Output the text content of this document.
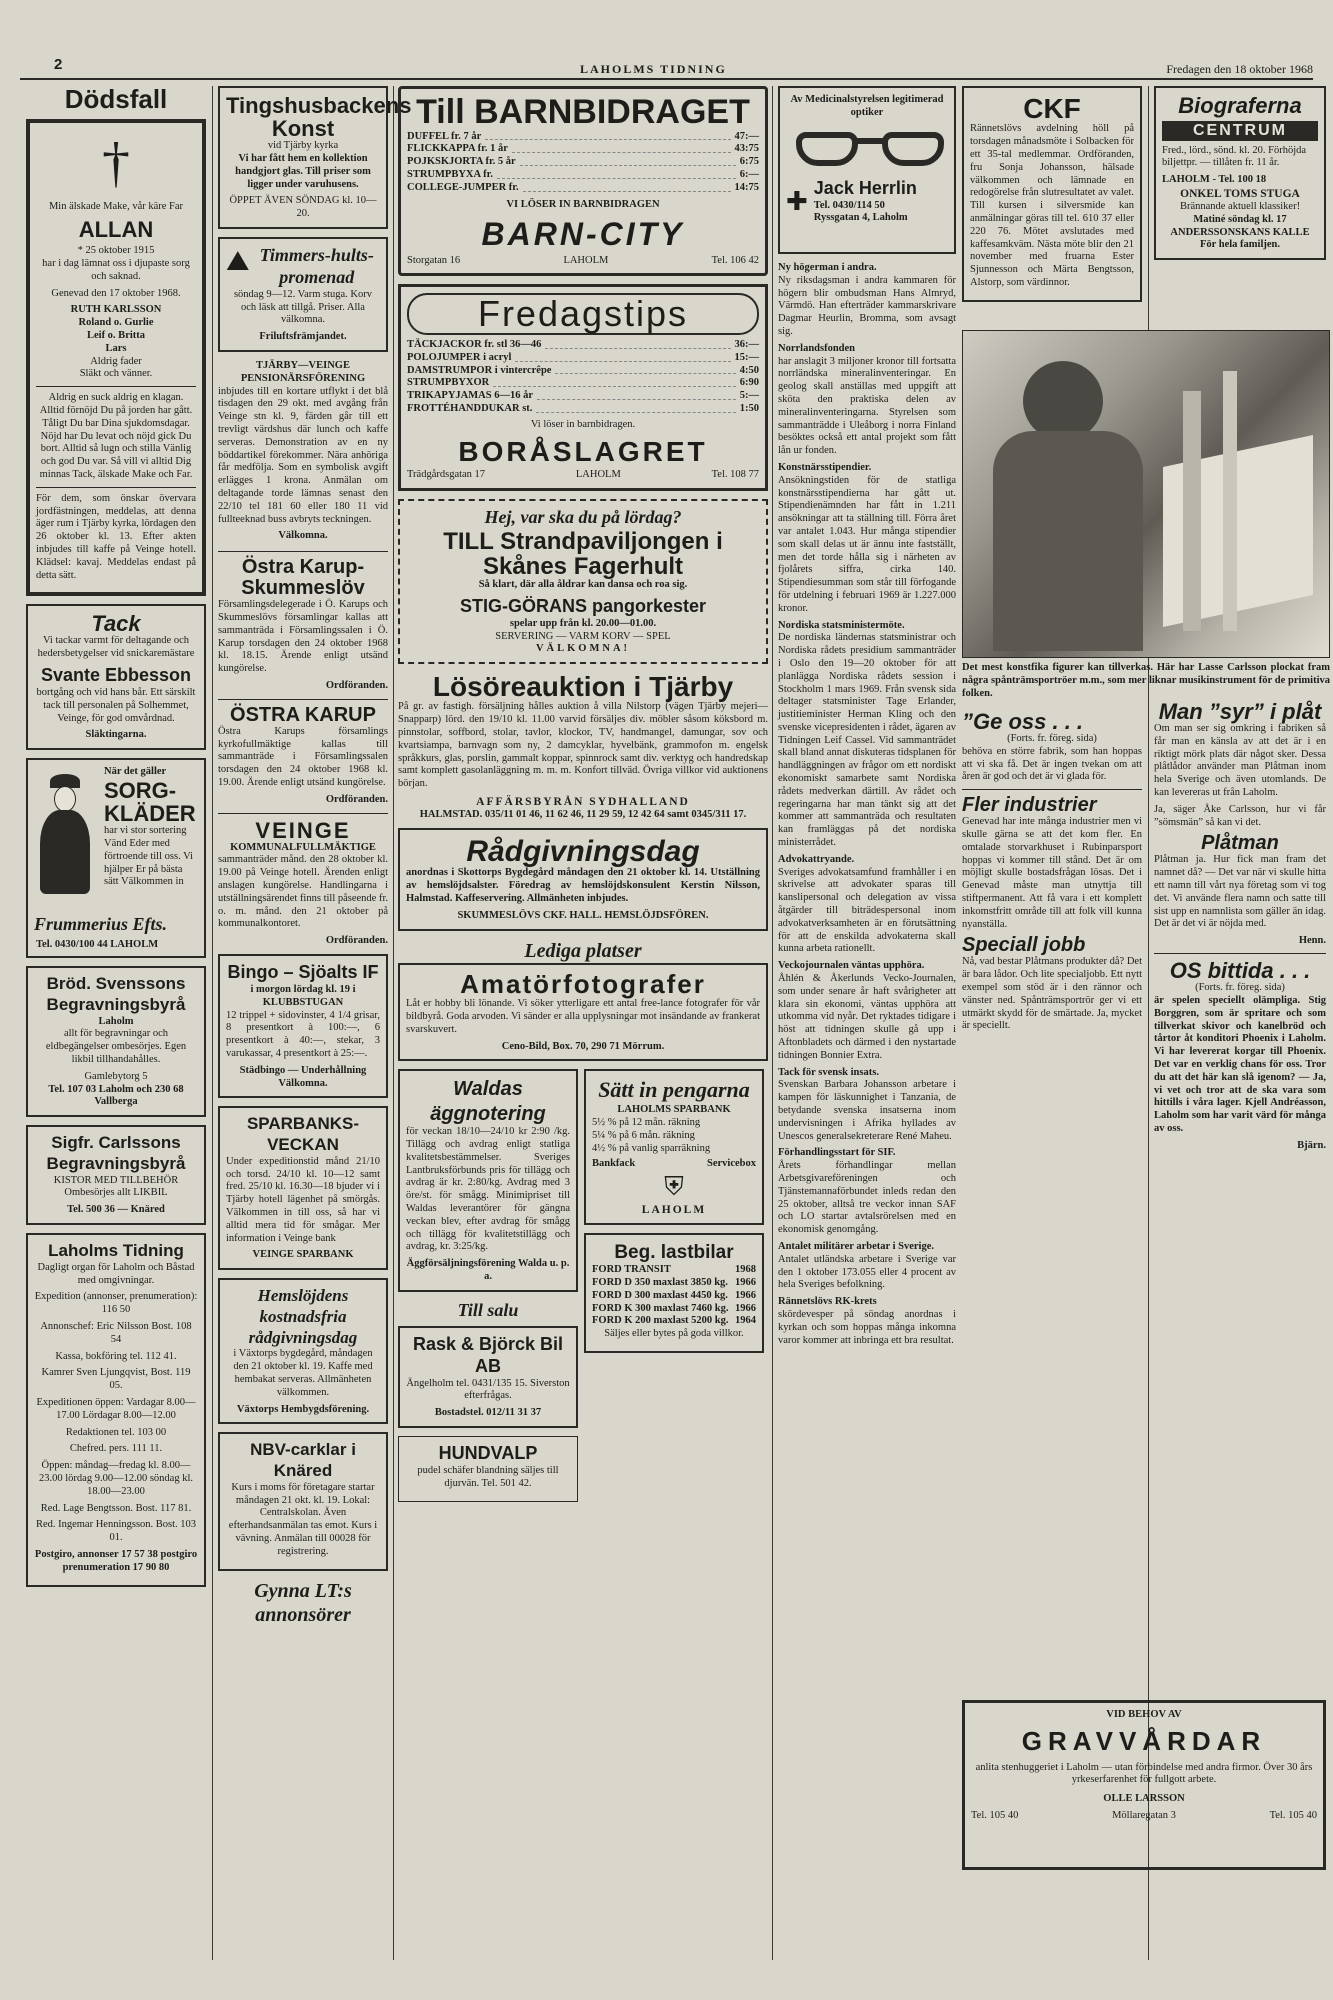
2	LAHOLMS TIDNING	Fredagen den 18 oktober 1968
Dödsfall
†
Min älskade Make, vår käre Far
ALLAN
* 25 oktober 1915

har i dag lämnat oss i djupaste sorg och saknad.

Genevad den 17 oktober 1968.

RUTH KARLSSON
Roland o. Gurlie
Leif o. Britta
Lars
Aldrig fader
Släkt och vänner.

Aldrig en suck aldrig en klagan. Alltid förnöjd Du på jorden har gått. Tåligt Du bar Dina sjukdomsdagar. Nöjd har Du levat och nöjd gick Du bort. Alltid så lugn och stilla Vänlig och god Du var. Så vill vi alltid Dig minnas Tack, älskade Make och Far.

För dem, som önskar övervara jordfästningen, meddelas, att denna äger rum i Tjärby kyrka, lördagen den 26 oktober kl. 13. Efter akten inbjudes till kaffe på Veinge hotell. Klädsel: kavaj. Meddelas endast på detta sätt.

Tack

Vi tackar varmt för deltagande och hedersbetygelser vid snickaremästare

Svante Ebbesson

bortgång och vid hans bår. Ett särskilt tack till personalen på Solhemmet, Veinge, för god omvårdnad.

Släktingarna.
När det gäller
SORG-KLÄDER

har vi stor sortering Vänd Eder med förtroende till oss. Vi hjälper Er på bästa sätt Välkommen in

Frummerius Efts.
Tel. 0430/100 44 LAHOLM
Bröd. Svenssons Begravningsbyrå
Laholm

allt för begravningar och eldbegängelser ombesörjes. Egen likbil tillhandahålles.

Gamlebytorg 5
Tel. 107 03 Laholm och 230 68 Vallberga
Sigfr. Carlssons Begravningsbyrå
KISTOR MED TILLBEHÖR

Ombesörjes allt LIKBIL

Tel. 500 36 — Knäred
Laholms Tidning

Dagligt organ för Laholm och Båstad med omgivningar.

Expedition (annonser, prenumeration): 116 50

Annonschef: Eric Nilsson Bost. 108 54

Kassa, bokföring tel. 112 41.

Kamrer Sven Ljungqvist, Bost. 119 05.

Expeditionen öppen: Vardagar 8.00—17.00 Lördagar 8.00—12.00

Redaktionen tel. 103 00

Chefred. pers. 111 11.

Öppen: måndag—fredag kl. 8.00—23.00 lördag 9.00—12.00 söndag kl. 18.00—23.00

Red. Lage Bengtsson. Bost. 117 81.

Red. Ingemar Henningsson. Bost. 103 01.

Postgiro, annonser 17 57 38 postgiro prenumeration 17 90 80

Tingshusbackens Konst
vid Tjärby kyrka

Vi har fått hem en kollektion handgjort glas. Till priser som ligger under varuhusens.

ÖPPET ÄVEN SÖNDAG kl. 10—20.
⛰ Timmers-hults-promenad

söndag 9—12. Varm stuga. Korv och läsk att tillgå. Priser. Alla välkomna.

Friluftsfrämjandet.
TJÄRBY—VEINGE PENSIONÄRSFÖRENING

inbjudes till en kortare utflykt i det blå tisdagen den 29 okt. med avgång från Veinge stn kl. 9, färden går till ett trevligt värdshus där lunch och kaffe serveras. Demonstration av en ny böddartikel förekommer. Nära anhöriga får medfölja. Som en symbolisk avgift erlägges 1 krona. Anmälan om deltagande torde lämnas senast den 22/10 tel 181 60 eller 180 11 vid fullteeknad buss avbryts teckningen.

Välkomna.
Östra Karup-Skummeslöv

Församlingsdelegerade i Ö. Karups och Skummeslövs församlingar kallas att sammanträda i Församlingssalen i Ö. Karup torsdagen den 24 oktober 1968 kl. 18.15. Ärende enligt utsänd kungörelse.

Ordföranden.
ÖSTRA KARUP

Östra Karups församlings kyrkofullmäktige kallas till sammanträde i Församlingssalen torsdagen den 24 oktober 1968 kl. 19.00. Ärende enligt utsänd kungörelse.

Ordföranden.
VEINGE
KOMMUNALFULLMÄKTIGE

sammanträder månd. den 28 oktober kl. 19.00 på Veinge hotell. Ärenden enligt anslagen kungörelse. Handlingarna i utställningsärendet finns till påseende fr. o. m. månd. den 21 oktober på kommunalkontoret.

Ordföranden.
Bingo – Sjöalts IF
i morgon lördag kl. 19 i KLUBBSTUGAN

12 trippel + sidovinster, 4 1/4 grisar, 8 presentkort à 100:—, 6 presentkort à 40:—, stekar, 3 varukassar, 4 presentkort à 25:—.

Städbingo — Underhållning Välkomna.
SPARBANKS-VECKAN

Under expeditionstid månd 21/10 och torsd. 24/10 kl. 10—12 samt fred. 25/10 kl. 16.30—18 bjuder vi i Tjärby hotell lägenhet på smörgås. Välkommen in till oss, så har vi alltid mera tid för smågar. Mer information i Veinge bank

VEINGE SPARBANK
Hemslöjdens kostnadsfria rådgivningsdag

i Växtorps bygdegård, måndagen den 21 oktober kl. 19. Kaffe med hembakat serveras. Allmänheten välkommen.

Växtorps Hembygdsförening.
NBV-carklar i Knäred

Kurs i moms för företagare startar måndagen 21 okt. kl. 19. Lokal: Centralskolan. Även efterhandsanmälan tas emot. Kurs i vävning. Anmälan till 00028 för registrering.

Gynna LT:s annonsörer
Till BARNBIDRAGET
DUFFEL fr. 7 år	47:—
FLICKKAPPA fr. 1 år	43:75
POJKSKJORTA fr. 5 år	6:75
STRUMPBYXA fr.	6:—
COLLEGE-JUMPER fr.	14:75
VI LÖSER IN BARNBIDRAGEN
BARN-CITY
Storgatan 16	LAHOLM	Tel. 106 42
Fredagstips
TÄCKJACKOR fr. stl 36—46	36:—
POLOJUMPER i acryl	15:—
DAMSTRUMPOR i vintercrêpe	4:50
STRUMPBYXOR	6:90
TRIKAPYJAMAS 6—16 år	5:—
FROTTÉHANDDUKAR st.	1:50
Vi löser in barnbidragen.
BORÅSLAGRET
Trädgårdsgatan 17	LAHOLM	Tel. 108 77
Hej, var ska du på lördag?
TILL Strandpaviljongen i Skånes Fagerhult
Så klart, där alla åldrar kan dansa och roa sig.
STIG-GÖRANS pangorkester
spelar upp från kl. 20.00—01.00.
SERVERING — VARM KORV — SPEL
VÄLKOMNA!
Lösöreauktion i Tjärby

På gr. av fastigh. försäljning hålles auktion å villa Nilstorp (vägen Tjärby mejeri—Snapparp) lörd. den 19/10 kl. 11.00 varvid försäljes div. möbler såsom köksbord m. pinnstolar, soffbord, stolar, tavlor, klockor, TV, handmangel, damungar, sov och kvartsiampa, barnvagn som ny, 2 damcyklar, hyvelbänk, grammofon m. engelsk språkkurs, glas, porslin, gammalt koppar, spinnrock samt div. verktyg och handredskap samt komplett gasolanläggning m. m. m. Konfort tillväd. Övriga villkor vid auktionens början.

AFFÄRSBYRÅN SYDHALLAND
HALMSTAD. 035/11 01 46, 11 62 46, 11 29 59, 12 42 64 samt 0345/311 17.
Rådgivningsdag

anordnas i Skottorps Bygdegård måndagen den 21 oktober kl. 14. Utställning av hemslöjdsalster. Föredrag av hemslöjdskonsulent Kerstin Nilsson, Halmstad. Kaffeservering. Allmänheten inbjudes.

SKUMMESLÖVS CKF. HALL. HEMSLÖJDSFÖREN.
Lediga platser
Amatörfotografer

Låt er hobby bli lönande. Vi söker ytterligare ett antal free-lance fotografer för vår bildbyrå. Goda arvoden. Vi sänder er alla upplysningar mot insändande av frankerat svarskuvert.

Ceno-Bild, Box. 70, 290 71 Mörrum.
Waldas äggnotering

för veckan 18/10—24/10 kr 2:90 /kg. Tillägg och avdrag enligt statliga kvalitetsbestämmelser. Sveriges Lantbruksförbunds pris för tillägg och avdrag är kr. 2:80/kg. Avdrag med 3 öre/st. för smågg. Minimipriset till Waldas leverantörer för gängna veckan blev, efter avdrag för smågg och tillägg för kvalitetstillägg och avdrag, kr. 3:25/kg.

Äggförsäljningsförening Walda u. p. a.
Till salu
Rask & Björck Bil AB

Ängelholm tel. 0431/135 15. Siverston efterfrågas.

Bostadstel. 012/11 31 37
HUNDVALP

pudel schäfer blandning säljes till djurvän. Tel. 501 42.

Sätt in pengarna
LAHOLMS SPARBANK
5½ % på 12 mån. räkning
5¼ % på 6 mån. räkning
4½ % på vanlig sparräkning
Bankfack	Servicebox
⛨
LAHOLM
Beg. lastbilar
FORD TRANSIT	1968
FORD D 350 maxlast 3850 kg. 1966
FORD D 300 maxlast 4450 kg. 1966
FORD K 300 maxlast 7460 kg. 1966
FORD K 200 maxlast 5200 kg. 1964

Säljes eller bytes på goda villkor.

Av Medicinalstyrelsen legitimerad optiker
✚ Jack Herrlin
Tel. 0430/114 50
Ryssgatan 4, Laholm
Ny högerman i andra.

Ny riksdagsman i andra kammaren för högern blir ombudsman Hans Almryd, Värmdö. Han efterträder kammarskrivare Dagmar Heurlin, Bromma, som avsagt sig.

Norrlandsfonden

har anslagit 3 miljoner kronor till fortsatta norrländska mineralinventeringar. En geolog skall anställas med uppgift att sköta den praktiska delen av mineralinventeringarna. Styrelsen som sammanträdde i Uleåborg i norra Finland besöktes också ett antal projekt som fått lån ur fonden.

Konstnärsstipendier.

Ansökningstiden för de statliga konstnärsstipendierna har gått ut. Stipendienämnden har fått in 1.211 ansökningar att ta ställning till. Förra året var antalet 1.043. Hur många stipendier som skall delas ut är ännu inte fastställt, men det torde hålla sig i närheten av fjolårets siffra, cirka 140. Stipendiesumman som står till förfogande för utdelning i februari 1969 är 1.227.000 kronor.

Nordiska statsministermöte.

De nordiska ländernas statsministrar och Nordiska rådets presidium sammanträder i Oslo den 19—20 oktober för att planlägga Nordiska rådets session i Stockholm 1 mars 1969. Från svensk sida deltager statsminister Tage Erlander, justitieminister Herman Kling och den svenske vicepresidenten i rådet, ägaren av Tidningen Leif Cassel. Vid sammanträdet skall bland annat diskuteras tidsplanen för handläggningen av frågor om ett nordiskt ekonomiskt samarbete samt Nordiska rådets medverkan därtill. Av rådet och regeringarna har man tänkt sig att det kommer att sammanträda och resultaten kan framläggas på det nordiska ministerrådet.

Advokattryande.

Sveriges advokatsamfund framhåller i en skrivelse att advokater sparas till kanslipersonal och delegation av vissa åtgärder till biträdespersonal inom advokatverksamheten är en förutsättning för att de enskilda advokaterna skall kunna arbeta rationellt.

Veckojournalen väntas upphöra.

Åhlén & Åkerlunds Vecko-Journalen, som under senare år haft svårigheter att klara sin ekonomi, väntas upphöra att utkomma vid nyår. Det ryktades tidigare i höst att tidningen skulle gå upp i Aftonbladets och därmed i den nystartade tidningen Bonnier Extra.

Tack för svensk insats.

Svenskan Barbara Johansson arbetare i kampen för läskunnighet i Tanzania, de betydande svenska insatserna inom undervisningen i Afrika hyllades av Unescos generalsekreterare René Maheu.

Förhandlingsstart för SIF.

Årets förhandlingar mellan Arbetsgivareföreningen och Tjänstemannaförbundet inleds redan den 25 oktober, alltså tre veckor innan SAF och LO startar avtalsrörelsen med en ekonomisk genomgång.

Antalet militärer arbetar i Sverige.

Antalet utländska arbetare i Sverige var den 1 oktober 173.055 eller 4 procent av hela Sveriges befolkning.

Rännetslövs RK-krets

skördevesper på söndag anordnas i kyrkan och som hoppas många inkomna varor kommer att inbringa ett bra resultat.

CKF

Rännetslövs avdelning höll på torsdagen månadsmöte i Solbacken för ett 35-tal medlemmar. Ordföranden, fru Sonja Johansson, hälsade välkommen och lämnade en redogörelse från slutresultatet av valet. Till kursen i silversmide kan anmälningar göras till tel. 610 37 eller 220 76. Mötet avslutades med kaffesamkväm. Nästa möte blir den 21 november med fruarna Ester Sjunnesson och Märta Bengtsson, Alstorp, som värdinnor.

Det mest konstfika figurer kan tillverkas. Här har Lasse Carlsson plockat fram några spånträmsportröer m.m., som mer liknar musikinstrument för de primitiva folken.
”Ge oss . . .
(Forts. fr. föreg. sida)

behöva en större fabrik, som han hoppas att vi ska få. Det är ingen tvekan om att åren är god och det är vi glada för.

Fler industrier

Genevad har inte många industrier men vi skulle gärna se att det kom fler. En omtalade storvarkhuset i Rubinparsport hoppas vi kommer till stånd. Det är om möjligt skulle bostadsfrågan lösas. Det i Genevad måste man utnyttja till stiftpermanent. Att få vara i ett komplett inkomstfritt område till att folk vill kunna nyanställa.

Speciall jobb

Nå, vad bestar Plåtmans produkter då? Det är bara lådor. Och lite specialjobb. Ett nytt exempel som stöd är i den rännor och vänster ned. Spånträmsportrör ger vi ett utmärkt skydd för de smärtade. Ja, mycket är speciellt.

Biograferna
CENTRUM

Fred., lörd., sönd. kl. 20. Förhöjda biljettpr. — tillåten fr. 11 år.

LAHOLM - Tel. 100 18
ONKEL TOMS STUGA
Brännande aktuell klassiker!
Matiné söndag kl. 17 ANDERSSONSKANS KALLE För hela familjen.
Man ”syr” i plåt

Om man ser sig omkring i fabriken så får man en känsla av att det är i en riktigt mörk plats där något sker. Dessa plåtlådor använder man Plåtman inom hela Sverige och även utomlands. De kan levereras ut från Laholm.

Ja, säger Åke Carlsson, hur vi får ”sömsmän” så kan vi det.

Plåtman

Plåtman ja. Hur fick man fram det namnet då? — Det var när vi skulle hitta ett namn till vårt nya företag som vi tog det. Vi använde flera namn och satte till sist upp en namnlista som gäller än idag. Det är det vi är nöjda med.

Henn.
OS bittida . . .
(Forts. fr. föreg. sida)

är spelen speciellt olämpliga. Stig Borggren, som är spritare och som tillverkat skivor och kanelbröd och tårtor åt konditori Phoenix i Laholm. Vi har levererat korgar till Phoenix. Det var en verklig chans för oss. Tror du att det här kan slå igenom? — Ja, vi vet och tror att de ska vara som hittills i våra lager. Kjell Andréasson, Laholm som har varit värd för många av oss.

Bjärn.
VID BEHOV AV
GRAVVÅRDAR

anlita stenhuggeriet i Laholm — utan förbindelse med andra firmor. Över 30 års yrkeserfarenhet för fullgott arbete.

OLLE LARSSON
Tel. 105 40	Möllaregatan 3	Tel. 105 40
